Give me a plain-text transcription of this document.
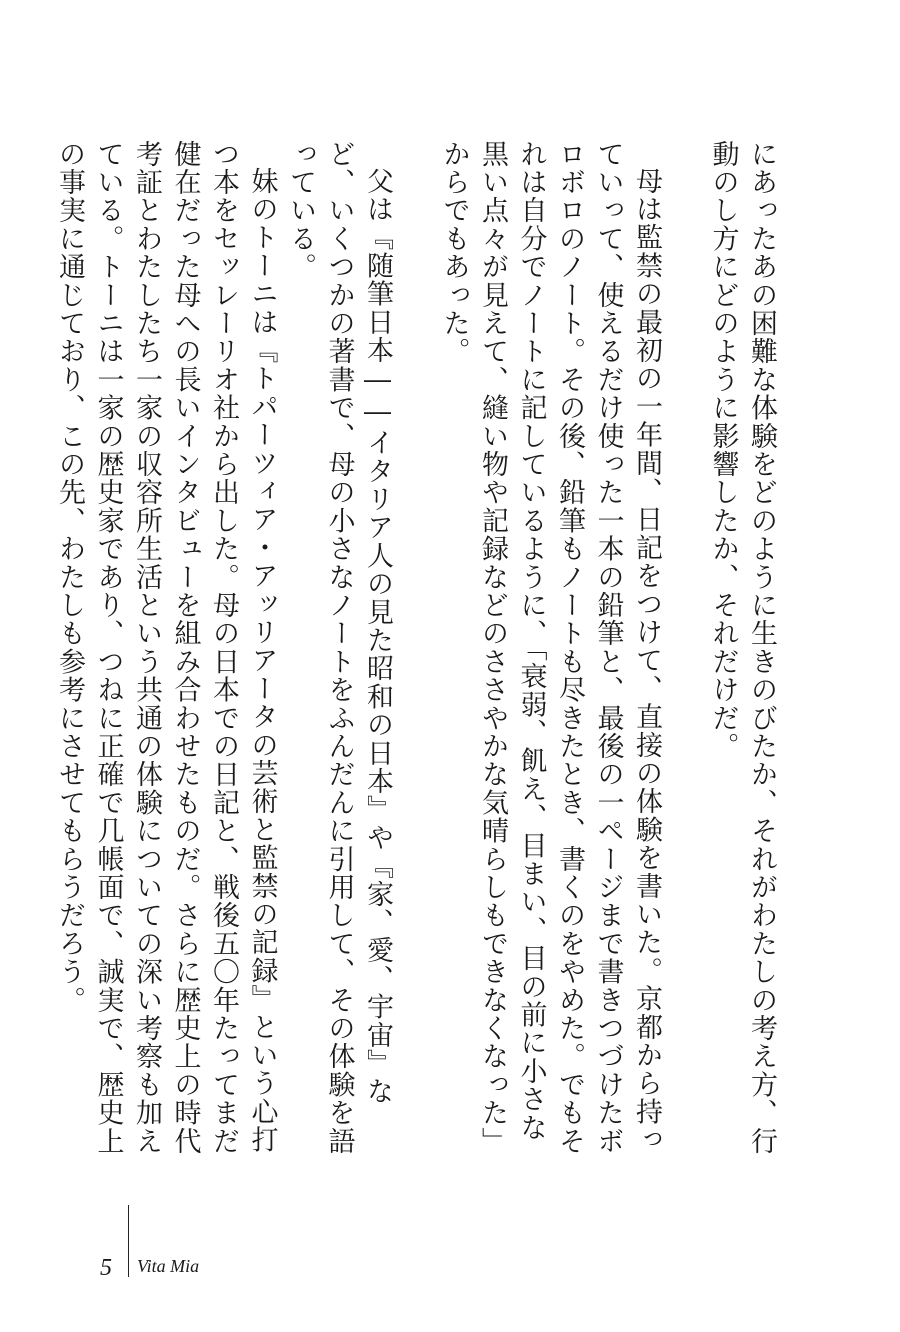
にあったあの困難な体験をどのように生きのびたか、それがわたしの考え方、行動のし方にどのように影響したか、それだけだ。

母は監禁の最初の一年間、日記をつけて、直接の体験を書いた。京都から持っていって、使えるだけ使った一本の鉛筆と、最後の一ページまで書きつづけたボロボロのノート。その後、鉛筆もノートも尽きたとき、書くのをやめた。でもそれは自分でノートに記しているように、「衰弱、飢え、目まい、目の前に小さな黒い点々が見えて、縫い物や記録などのささやかな気晴らしもできなくなった」からでもあった。

父は『随筆日本――イタリア人の見た昭和の日本』や『家、愛、宇宙』など、いくつかの著書で、母の小さなノートをふんだんに引用して、その体験を語っている。

妹のトーニは『トパーツィア・アッリアータの芸術と監禁の記録』という心打つ本をセッレーリオ社から出した。母の日本での日記と、戦後五〇年たってまだ健在だった母への長いインタビューを組み合わせたものだ。さらに歴史上の時代考証とわたしたち一家の収容所生活という共通の体験についての深い考察も加えている。トーニは一家の歴史家であり、つねに正確で几帳面で、誠実で、歴史上の事実に通じており、この先、わたしも参考にさせてもらうだろう。

5 Vita Mia
